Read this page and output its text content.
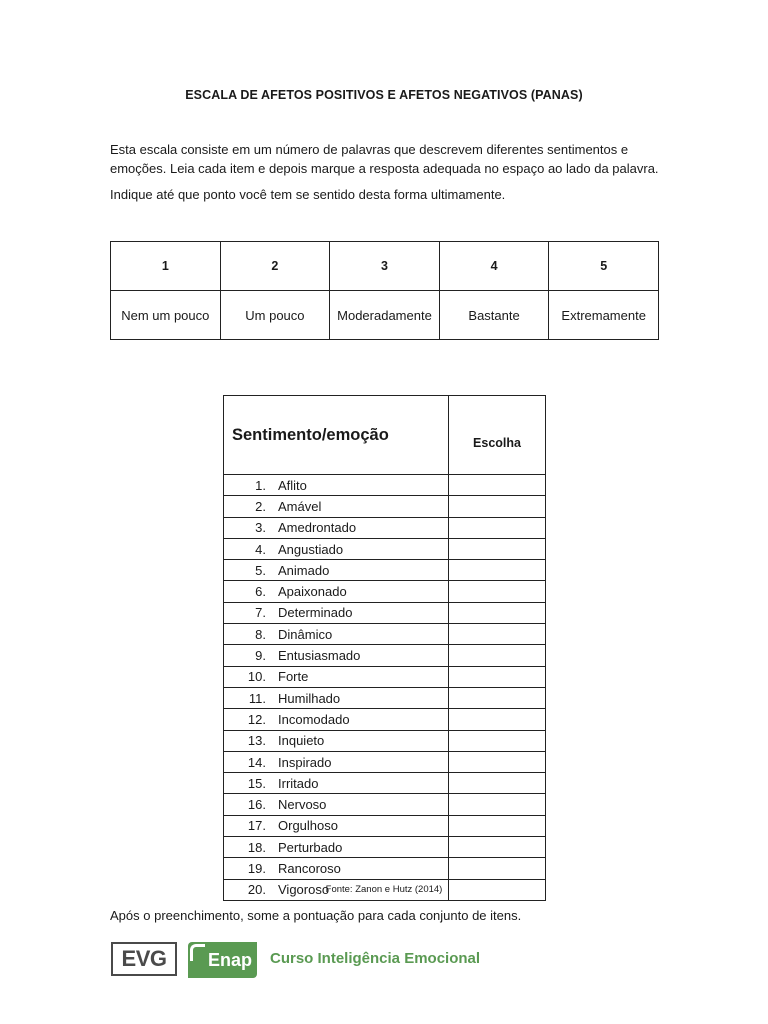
ESCALA DE AFETOS POSITIVOS E AFETOS NEGATIVOS (PANAS)
Esta escala consiste em um número de palavras que descrevem diferentes sentimentos e emoções. Leia cada item e depois marque a resposta adequada no espaço ao lado da palavra.
Indique até que ponto você tem se sentido desta forma ultimamente.
1	2	3	4	5
Nem um pouco	Um pouco	Moderadamente	Bastante	Extremamente
Sentimento/emoção	Escolha
1. Aflito	
2. Amável	
3. Amedrontado	
4. Angustiado	
5. Animado	
6. Apaixonado	
7. Determinado	
8. Dinâmico	
9. Entusiasmado	
10. Forte	
11. Humilhado	
12. Incomodado	
13. Inquieto	
14. Inspirado	
15. Irritado	
16. Nervoso	
17. Orgulhoso	
18. Perturbado	
19. Rancoroso	
20. Vigoroso	
Fonte: Zanon e Hutz (2014)
Após o preenchimento, some a pontuação para cada conjunto de itens.
EVG	Enap	Curso Inteligência Emocional
